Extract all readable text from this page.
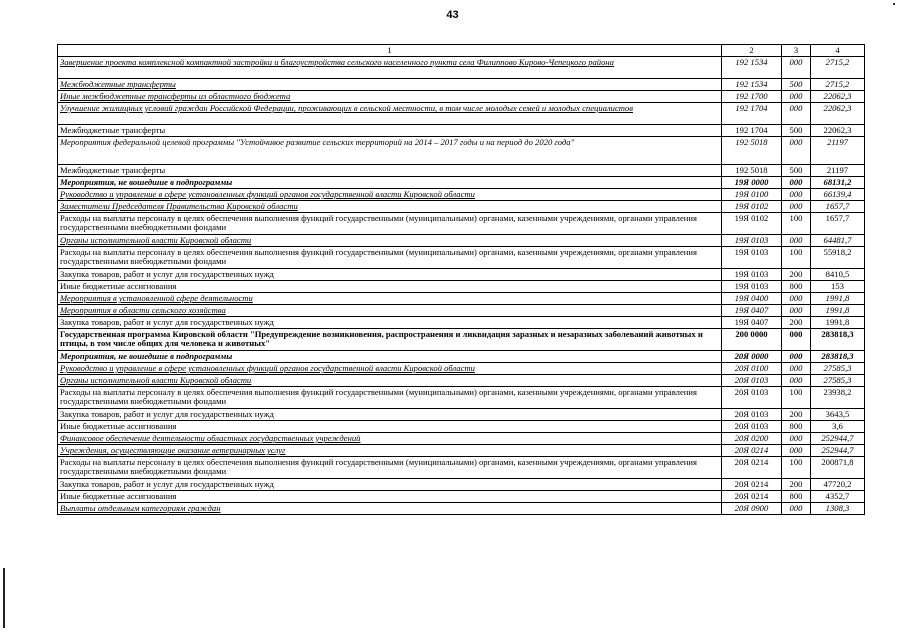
43
1	2	3	4
Завершение проекта комплексной компактной застройки и благоустройства сельского населенного пункта села Филиппово Кирово-Чепецкого района	192 1534	000	2715,2
Межбюджетные трансферты	192 1534	500	2715,2
Иные межбюджетные трансферты из областного бюджета	192 1700	000	22062,3
Улучшение жилищных условий граждан Российской Федерации, проживающих в сельской местности, в том числе молодых семей и молодых специалистов	192 1704	000	22062,3
Межбюджетные трансферты	192 1704	500	22062,3
Мероприятия федеральной целевой программы "Устойчивое развитие сельских территорий на 2014 – 2017 годы и на период до 2020 года"	192 5018	000	21197
Межбюджетные трансферты	192 5018	500	21197
Мероприятия, не вошедшие в подпрограммы	19Я 0000	000	68131,2
Руководство и управление в сфере установленных функций органов государственной власти Кировской области	19Я 0100	000	66139,4
Заместители Председателя Правительства Кировской области	19Я 0102	000	1657,7
Расходы на выплаты персоналу в целях обеспечения выполнения функций государственными (муниципальными) органами, казенными учреждениями, органами управления государственными внебюджетными фондами	19Я 0102	100	1657,7
Органы исполнительной власти Кировской области	19Я 0103	000	64481,7
Расходы на выплаты персоналу в целях обеспечения выполнения функций государственными (муниципальными) органами, казенными учреждениями, органами управления государственными внебюджетными фондами	19Я 0103	100	55918,2
Закупка товаров, работ и услуг для государственных нужд	19Я 0103	200	8410,5
Иные бюджетные ассигнования	19Я 0103	800	153
Мероприятия в установленной сфере деятельности	19Я 0400	000	1991,8
Мероприятия в области сельского хозяйства	19Я 0407	000	1991,8
Закупка товаров, работ и услуг для государственных нужд	19Я 0407	200	1991,8
Государственная программа Кировской области "Предупреждение возникновения, распространения и ликвидация заразных и незаразных заболеваний животных и птицы, в том числе общих для человека и животных"	200 0000	000	283818,3
Мероприятия, не вошедшие в подпрограммы	20Я 0000	000	283818,3
Руководство и управление в сфере установленных функций органов государственной власти Кировской области	20Я 0100	000	27585,3
Органы исполнительной власти Кировской области	20Я 0103	000	27585,3
Расходы на выплаты персоналу в целях обеспечения выполнения функций государственными (муниципальными) органами, казенными учреждениями, органами управления государственными внебюджетными фондами	20Я 0103	100	23938,2
Закупка товаров, работ и услуг для государственных нужд	20Я 0103	200	3643,5
Иные бюджетные ассигнования	20Я 0103	800	3,6
Финансовое обеспечение деятельности областных государственных учреждений	20Я 0200	000	252944,7
Учреждения, осуществляющие оказание ветеринарных услуг	20Я 0214	000	252944,7
Расходы на выплаты персоналу в целях обеспечения выполнения функций государственными (муниципальными) органами, казенными учреждениями, органами управления государственными внебюджетными фондами	20Я 0214	100	200871,8
Закупка товаров, работ и услуг для государственных нужд	20Я 0214	200	47720,2
Иные бюджетные ассигнования	20Я 0214	800	4352,7
Выплаты отдельным категориям граждан	20Я 0900	000	1308,3
